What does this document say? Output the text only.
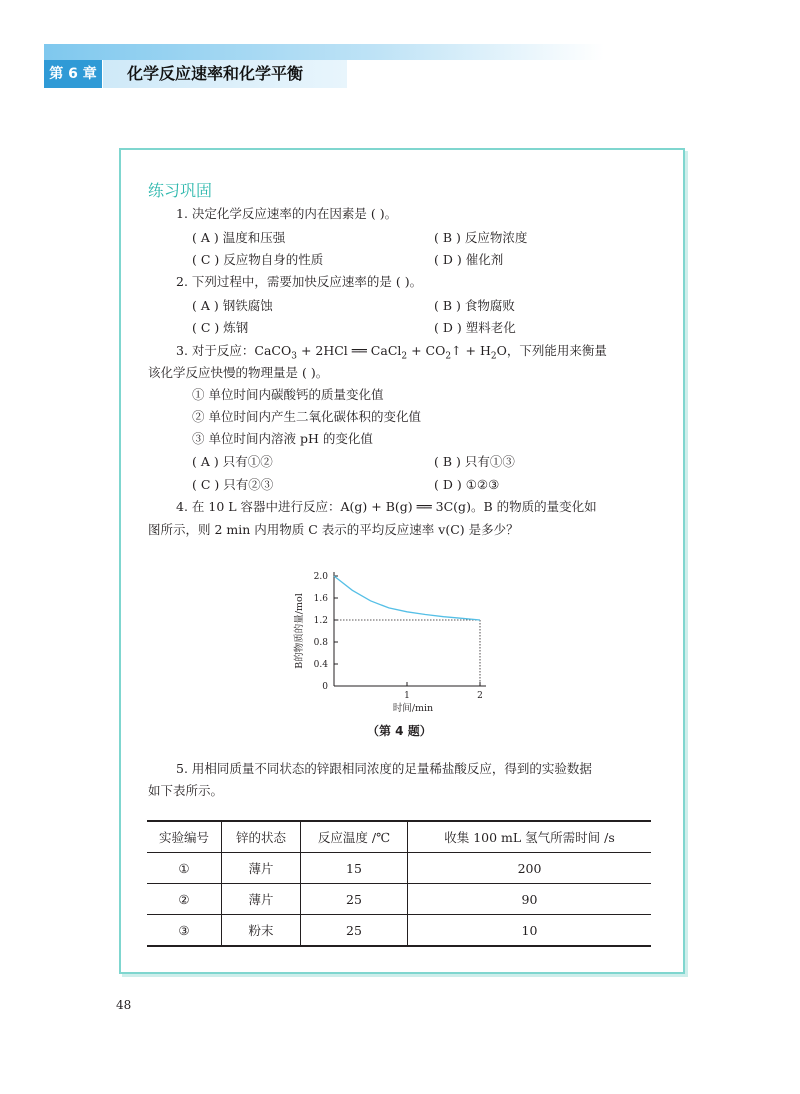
第 6 章	化学反应速率和化学平衡
练习巩固
1. 决定化学反应速率的内在因素是 ( )。
( A ) 温度和压强	( B ) 反应物浓度
( C ) 反应物自身的性质	( D ) 催化剂
2. 下列过程中，需要加快反应速率的是 ( )。
( A ) 钢铁腐蚀	( B ) 食物腐败
( C ) 炼钢	( D ) 塑料老化
3. 对于反应：CaCO$_3$ + 2HCl ══ CaCl$_2$ + $CO_2↑ + H_2O$，下列能用来衡量
该化学反应快慢的物理量是 ( )。
① 单位时间内碳酸钙的质量变化值
② 单位时间内产生二氧化碳体积的变化值
③ 单位时间内溶液 pH 的变化值
( A ) 只有①②	( B ) 只有①③
( C ) 只有②③	( D ) ①②③
4. 在 10 L 容器中进行反应：A(g) + B(g) ══ 3C(g)。B 的物质的量变化如
图所示，则 2 min 内用物质 C 表示的平均反应速率 v(C) 是多少？
0
0.4
0.8
1.2
1.6
2.0
1	2
时间/min
B的物质的量/mol
（第 4 题）
5. 用相同质量不同状态的锌跟相同浓度的足量稀盐酸反应，得到的实验数据
如下表所示。
实验编号	锌的状态	反应温度 /℃	收集 100 mL 氢气所需时间 /s
①	薄片	15	200
②	薄片	25	90
③	粉末	25	10
48
